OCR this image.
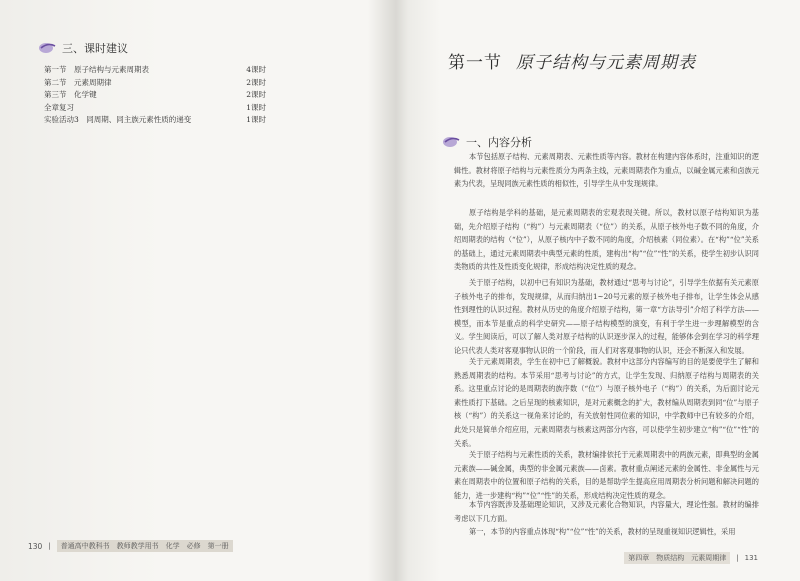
三、课时建议
第一节　原子结构与元素周期表	4课时
第二节　元素周期律	2课时
第三节　化学键	2课时
全章复习	1课时
实验活动3　同周期、同主族元素性质的递变	1课时
130 |	普通高中教科书　教师教学用书　化学　必修　第一册
第一节 原子结构与元素周期表
一、内容分析

本节包括原子结构、元素周期表、元素性质等内容。教材在构建内容体系时，注重知识的逻辑性。教材将原子结构与元素性质分为两条主线，元素周期表作为重点，以碱金属元素和卤族元素为代表，呈现同族元素性质的相似性，引导学生从中发现规律。

原子结构是学科的基础，是元素周期表的宏观表现关键。所以，教材以原子结构知识为基础，先介绍原子结构（“构”）与元素周期表（“位”）的关系，从原子核外电子数不同的角度，介绍周期表的结构（“位”），从原子核内中子数不同的角度，介绍核素（同位素）。在“构”“位”关系的基础上，通过元素周期表中典型元素的性质，建构出“构”“位”“性”的关系，使学生初步认识同类物质的共性及性质变化规律，形成结构决定性质的观念。

关于原子结构，以初中已有知识为基础，教材通过“思考与讨论”，引导学生依据有关元素原子核外电子的排布，发现规律，从而归纳出1~20号元素的原子核外电子排布，让学生体会从感性到理性的认识过程。教材从历史的角度介绍原子结构，第一章“方法导引”介绍了科学方法——模型，而本节是重点的科学史研究——原子结构模型的演变，有利于学生进一步理解模型的含义。学生阅读后，可以了解人类对原子结构的认识逐步深入的过程，能够体会到在学习的科学理论只代表人类对客观事物认识的一个阶段，而人们对客观事物的认识，还会不断深入和发展。

关于元素周期表，学生在初中已了解概貌。教材中这部分内容编写的目的是要使学生了解和熟悉周期表的结构。本节采用“思考与讨论”的方式，让学生发现、归纳原子结构与周期表的关系。这里重点讨论的是周期表的族序数（“位”）与原子核外电子（“构”）的关系，为后面讨论元素性质打下基础。之后呈现的核素知识，是对元素概念的扩大，教材编从周期表到同“位”与原子核（“构”）的关系这一视角来讨论的，有关放射性同位素的知识，中学教师中已有较多的介绍，此处只是简单介绍应用，元素周期表与核素这两部分内容，可以使学生初步建立“构”“位”“性”的关系。

关于原子结构与元素性质的关系，教材编排依托于元素周期表中的两族元素，即典型的金属元素族——碱金属，典型的非金属元素族——卤素。教材重点阐述元素的金属性、非金属性与元素在周期表中的位置和原子结构的关系，目的是帮助学生提高应用周期表分析问题和解决问题的能力，进一步建构“构”“位”“性”的关系，形成结构决定性质的观念。

本节内容既涉及基础理论知识，又涉及元素化合物知识，内容量大，理论性强。教材的编排考虑以下几方面。

第一，本节的内容重点体现“构”“位”“性”的关系，教材的呈现重视知识逻辑性，采用

第四章　物质结构　元素周期律	| 131
